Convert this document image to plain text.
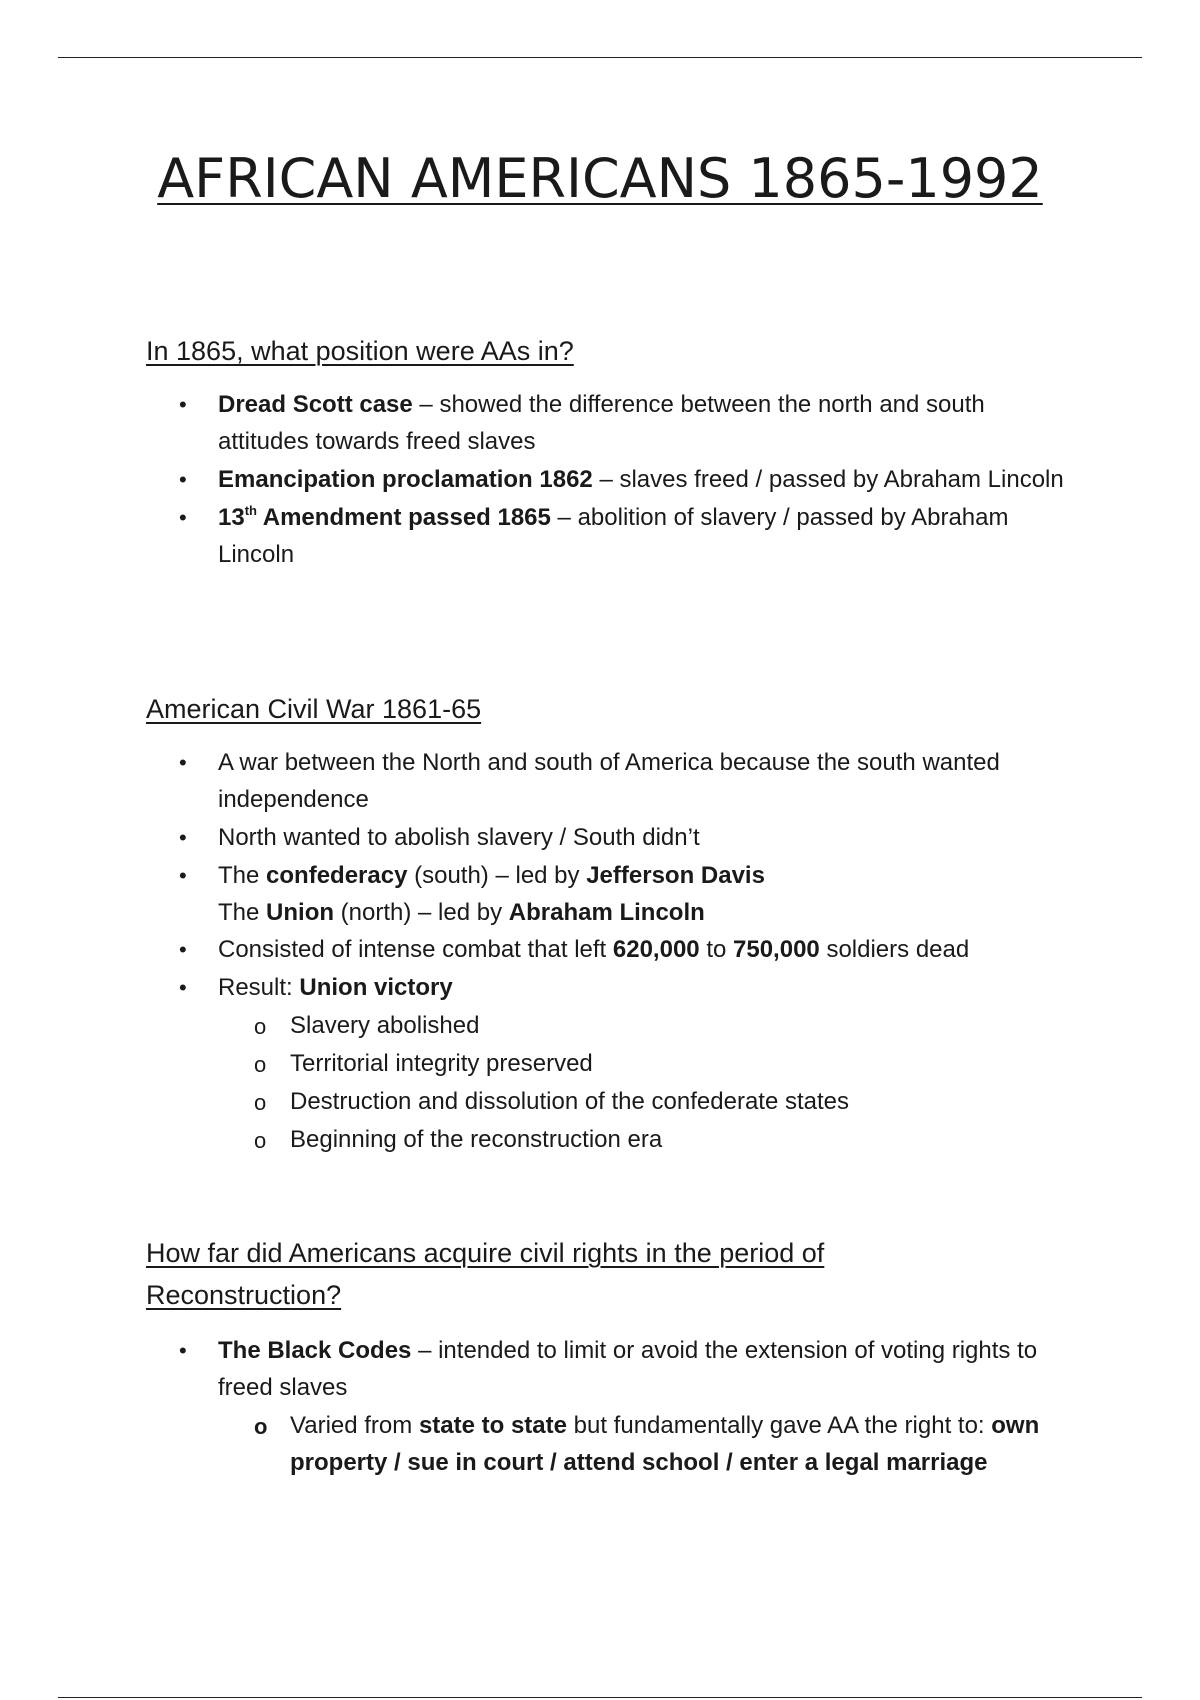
AFRICAN AMERICANS 1865-1992
In 1865, what position were AAs in?
• Dread Scott case – showed the difference between the north and south attitudes towards freed slaves
• Emancipation proclamation 1862 – slaves freed / passed by Abraham Lincoln
• 13th Amendment passed 1865 – abolition of slavery / passed by Abraham Lincoln
American Civil War 1861-65
• A war between the North and south of America because the south wanted independence
• North wanted to abolish slavery / South didn’t
• The confederacy (south) – led by Jefferson Davis
The Union (north) – led by Abraham Lincoln
• Consisted of intense combat that left 620,000 to 750,000 soldiers dead
• Result: Union victory
o Slavery abolished
o Territorial integrity preserved
o Destruction and dissolution of the confederate states
o Beginning of the reconstruction era
How far did Americans acquire civil rights in the period of Reconstruction?
• The Black Codes – intended to limit or avoid the extension of voting rights to freed slaves
o Varied from state to state but fundamentally gave AA the right to: own property / sue in court / attend school / enter a legal marriage
